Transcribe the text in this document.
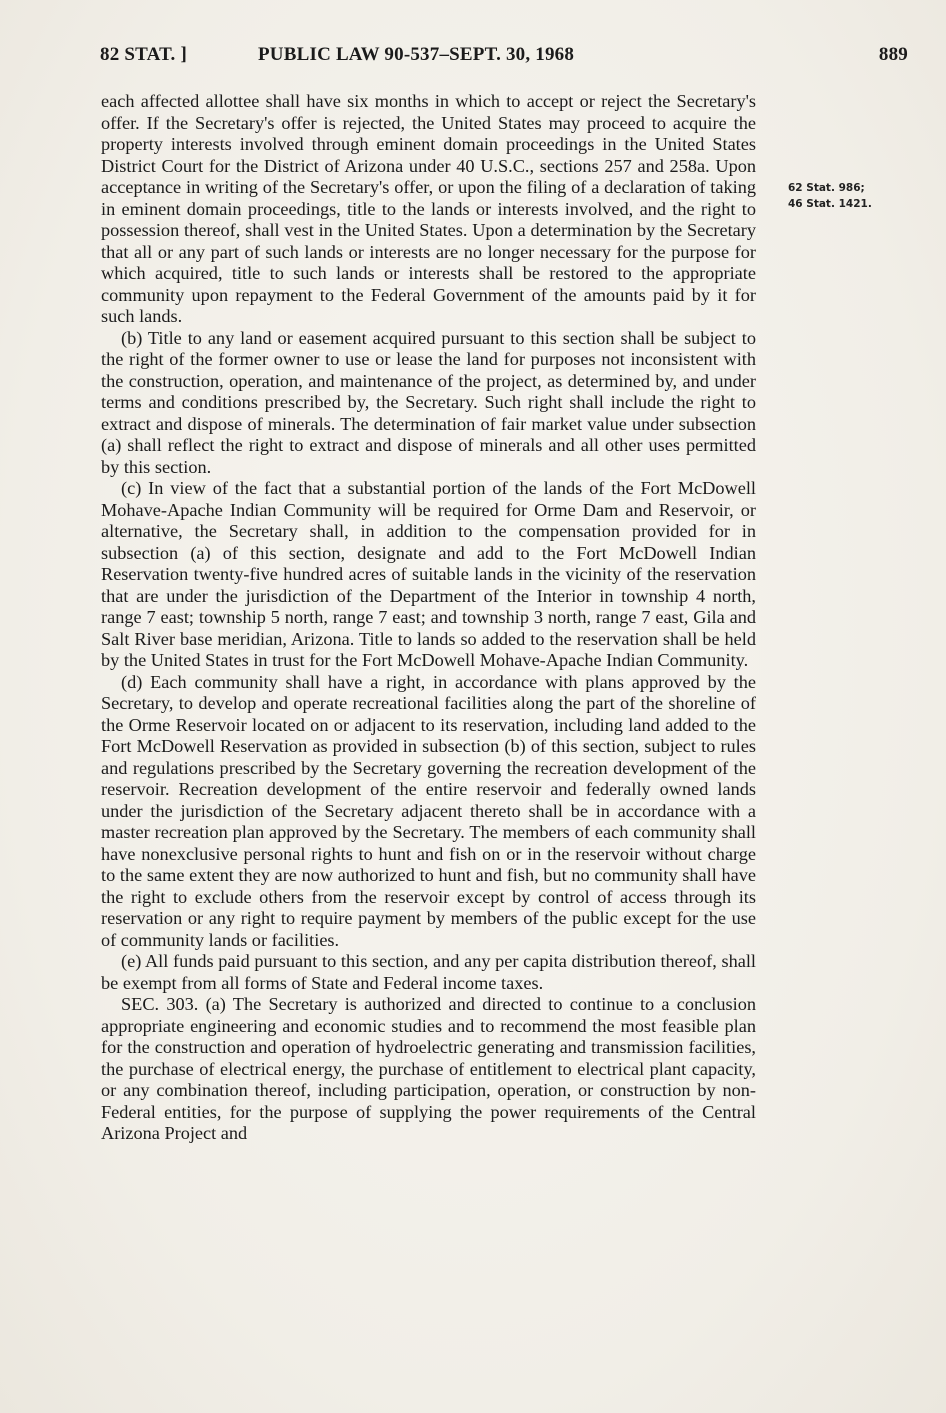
82 STAT. ]	PUBLIC LAW 90-537–SEPT. 30, 1968	889
62 Stat. 986;
46 Stat. 1421.

each affected allottee shall have six months in which to accept or reject the Secretary's offer. If the Secretary's offer is rejected, the United States may proceed to acquire the property interests involved through eminent domain proceedings in the United States District Court for the District of Arizona under 40 U.S.C., sections 257 and 258a. Upon acceptance in writing of the Secretary's offer, or upon the filing of a declaration of taking in eminent domain proceedings, title to the lands or interests involved, and the right to possession thereof, shall vest in the United States. Upon a determination by the Secretary that all or any part of such lands or interests are no longer necessary for the purpose for which acquired, title to such lands or interests shall be restored to the appropriate community upon repayment to the Federal Government of the amounts paid by it for such lands.

(b) Title to any land or easement acquired pursuant to this section shall be subject to the right of the former owner to use or lease the land for purposes not inconsistent with the construction, operation, and maintenance of the project, as determined by, and under terms and conditions prescribed by, the Secretary. Such right shall include the right to extract and dispose of minerals. The determination of fair market value under subsection (a) shall reflect the right to extract and dispose of minerals and all other uses permitted by this section.

(c) In view of the fact that a substantial portion of the lands of the Fort McDowell Mohave-Apache Indian Community will be required for Orme Dam and Reservoir, or alternative, the Secretary shall, in addition to the compensation provided for in subsection (a) of this section, designate and add to the Fort McDowell Indian Reservation twenty-five hundred acres of suitable lands in the vicinity of the reservation that are under the jurisdiction of the Department of the Interior in township 4 north, range 7 east; township 5 north, range 7 east; and township 3 north, range 7 east, Gila and Salt River base meridian, Arizona. Title to lands so added to the reservation shall be held by the United States in trust for the Fort McDowell Mohave-Apache Indian Community.

(d) Each community shall have a right, in accordance with plans approved by the Secretary, to develop and operate recreational facilities along the part of the shoreline of the Orme Reservoir located on or adjacent to its reservation, including land added to the Fort McDowell Reservation as provided in subsection (b) of this section, subject to rules and regulations prescribed by the Secretary governing the recreation development of the reservoir. Recreation development of the entire reservoir and federally owned lands under the jurisdiction of the Secretary adjacent thereto shall be in accordance with a master recreation plan approved by the Secretary. The members of each community shall have nonexclusive personal rights to hunt and fish on or in the reservoir without charge to the same extent they are now authorized to hunt and fish, but no community shall have the right to exclude others from the reservoir except by control of access through its reservation or any right to require payment by members of the public except for the use of community lands or facilities.

(e) All funds paid pursuant to this section, and any per capita distribution thereof, shall be exempt from all forms of State and Federal income taxes.

SEC. 303. (a) The Secretary is authorized and directed to continue to a conclusion appropriate engineering and economic studies and to recommend the most feasible plan for the construction and operation of hydroelectric generating and transmission facilities, the purchase of electrical energy, the purchase of entitlement to electrical plant capacity, or any combination thereof, including participation, operation, or construction by non-Federal entities, for the purpose of supplying the power requirements of the Central Arizona Project and
